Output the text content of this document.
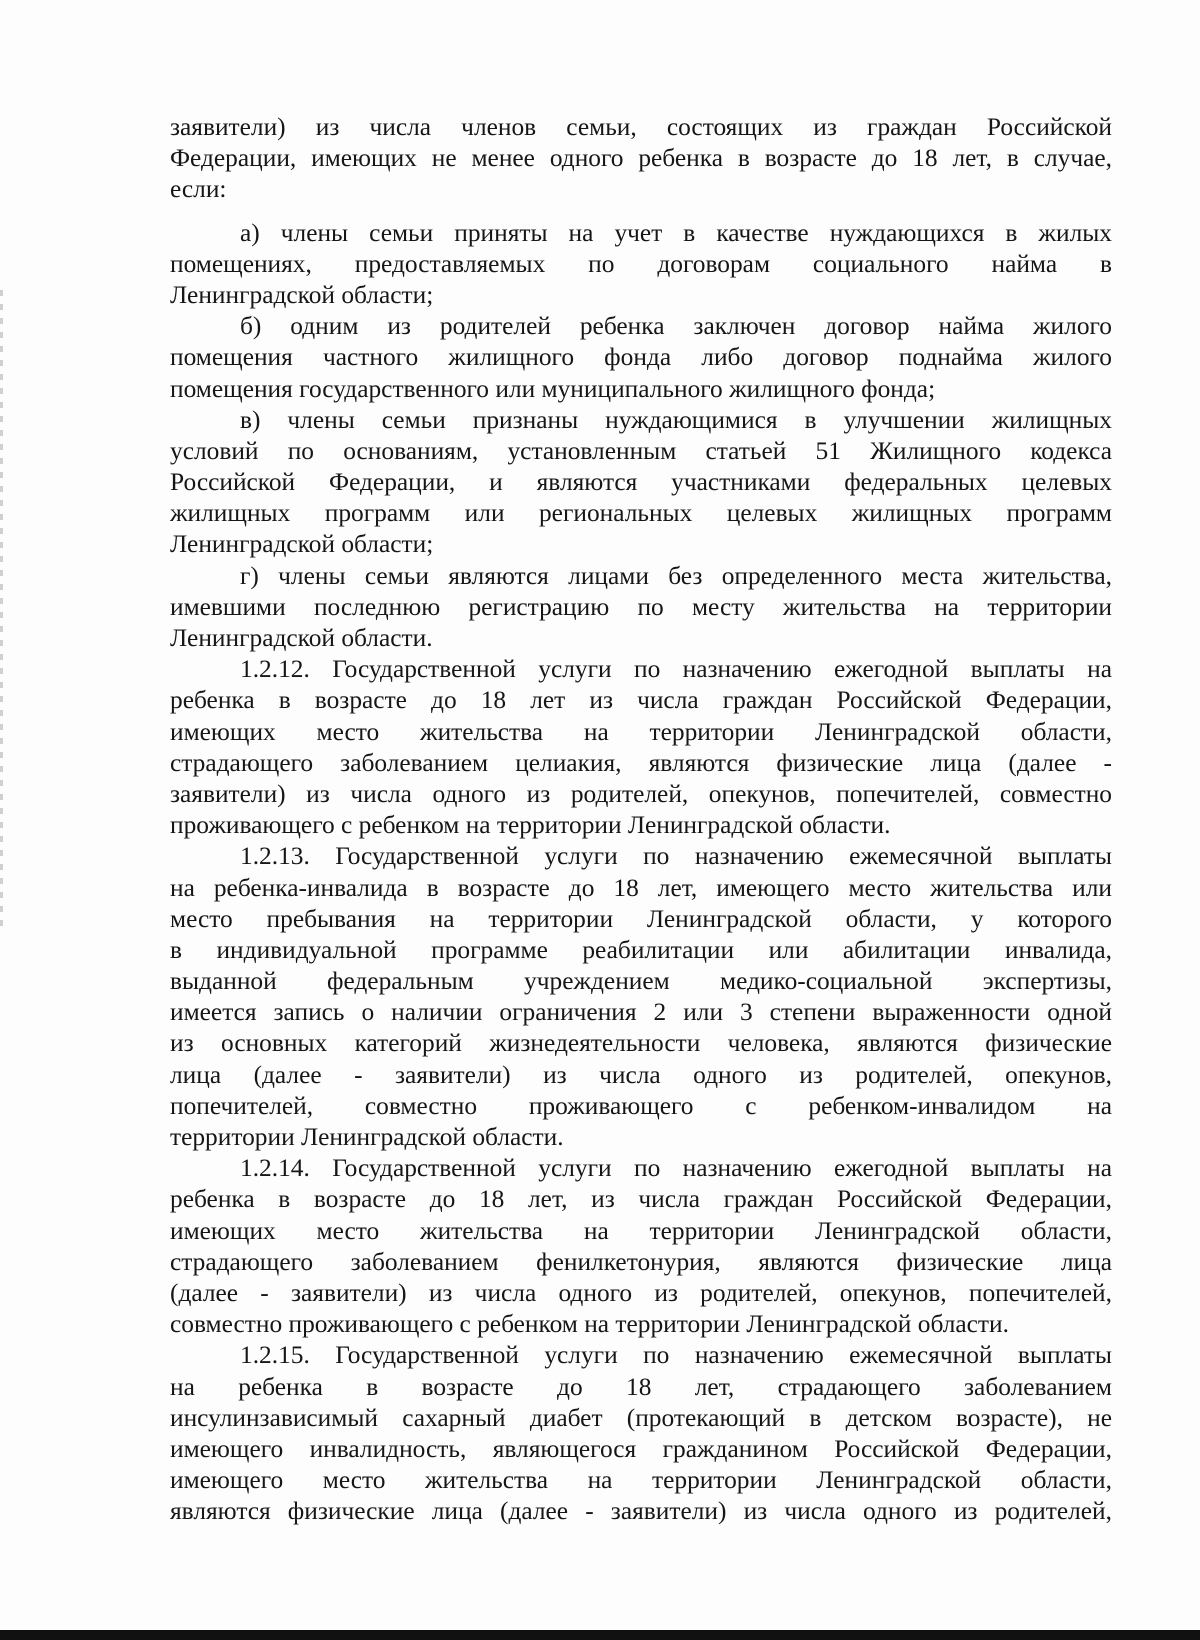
заявители) из числа членов семьи, состоящих из граждан Российской
Федерации, имеющих не менее одного ребенка в возрасте до 18 лет, в случае,
если:
а) члены семьи приняты на учет в качестве нуждающихся в жилых
помещениях, предоставляемых по договорам социального найма в
Ленинградской области;
б) одним из родителей ребенка заключен договор найма жилого
помещения частного жилищного фонда либо договор поднайма жилого
помещения государственного или муниципального жилищного фонда;
в) члены семьи признаны нуждающимися в улучшении жилищных
условий по основаниям, установленным статьей 51 Жилищного кодекса
Российской Федерации, и являются участниками федеральных целевых
жилищных программ или региональных целевых жилищных программ
Ленинградской области;
г) члены семьи являются лицами без определенного места жительства,
имевшими последнюю регистрацию по месту жительства на территории
Ленинградской области.
1.2.12. Государственной услуги по назначению ежегодной выплаты на
ребенка в возрасте до 18 лет из числа граждан Российской Федерации,
имеющих место жительства на территории Ленинградской области,
страдающего заболеванием целиакия, являются физические лица (далее -
заявители) из числа одного из родителей, опекунов, попечителей, совместно
проживающего с ребенком на территории Ленинградской области.
1.2.13. Государственной услуги по назначению ежемесячной выплаты
на ребенка-инвалида в возрасте до 18 лет, имеющего место жительства или
место пребывания на территории Ленинградской области, у которого
в индивидуальной программе реабилитации или абилитации инвалида,
выданной федеральным учреждением медико-социальной экспертизы,
имеется запись о наличии ограничения 2 или 3 степени выраженности одной
из основных категорий жизнедеятельности человека, являются физические
лица (далее - заявители) из числа одного из родителей, опекунов,
попечителей, совместно проживающего с ребенком-инвалидом на
территории Ленинградской области.
1.2.14. Государственной услуги по назначению ежегодной выплаты на
ребенка в возрасте до 18 лет, из числа граждан Российской Федерации,
имеющих место жительства на территории Ленинградской области,
страдающего заболеванием фенилкетонурия, являются физические лица
(далее - заявители) из числа одного из родителей, опекунов, попечителей,
совместно проживающего с ребенком на территории Ленинградской области.
1.2.15. Государственной услуги по назначению ежемесячной выплаты
на ребенка в возрасте до 18 лет, страдающего заболеванием
инсулинзависимый сахарный диабет (протекающий в детском возрасте), не
имеющего инвалидность, являющегося гражданином Российской Федерации,
имеющего место жительства на территории Ленинградской области,
являются физические лица (далее - заявители) из числа одного из родителей,
